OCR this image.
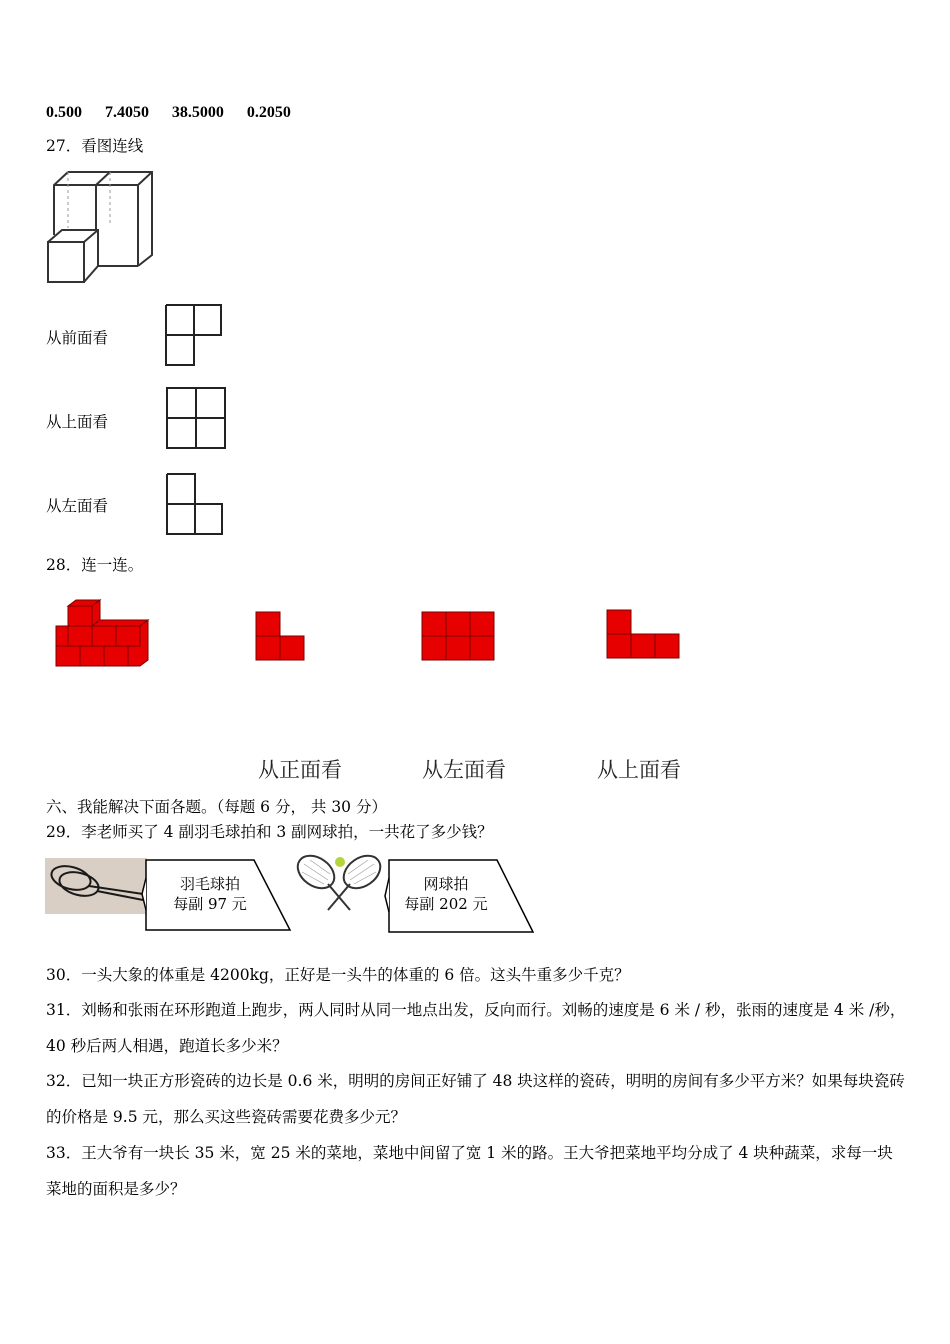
0.500 7.4050 38.5000 0.2050
27．看图连线
从前面看
从上面看
从左面看
28．连一连。
从正面看	从左面看	从上面看
六、我能解决下面各题。（每题 6 分， 共 30 分）
29．李老师买了 4 副羽毛球拍和 3 副网球拍，一共花了多少钱？
羽毛球拍
每副 97 元
网球拍
每副 202 元
30．一头大象的体重是 4200kg，正好是一头牛的体重的 6 倍。这头牛重多少千克？
31．刘畅和张雨在环形跑道上跑步，两人同时从同一地点出发，反向而行。刘畅的速度是 6 米 / 秒，张雨的速度是 4 米 /秒，40 秒后两人相遇，跑道长多少米？
32．已知一块正方形瓷砖的边长是 0.6 米，明明的房间正好铺了 48 块这样的瓷砖，明明的房间有多少平方米？如果每块瓷砖的价格是 9.5 元，那么买这些瓷砖需要花费多少元？
33．王大爷有一块长 35 米，宽 25 米的菜地，菜地中间留了宽 1 米的路。王大爷把菜地平均分成了 4 块种蔬菜，求每一块菜地的面积是多少？
